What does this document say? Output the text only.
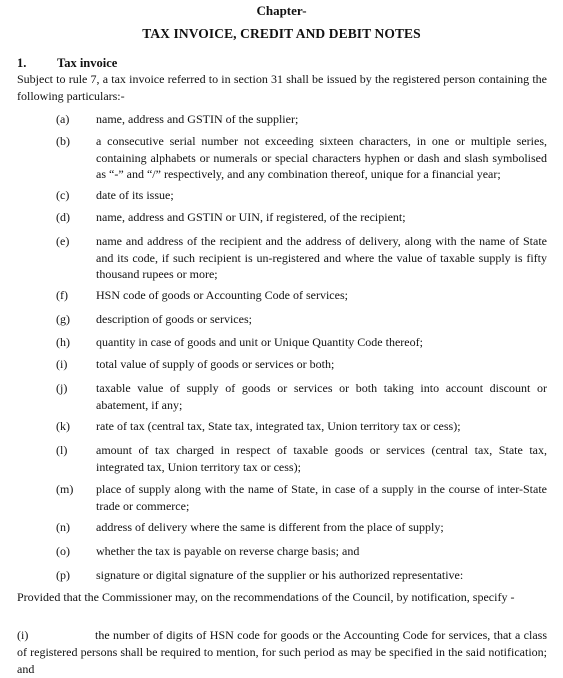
Chapter-
TAX INVOICE, CREDIT AND DEBIT NOTES
1. Tax invoice
Subject to rule 7, a tax invoice referred to in section 31 shall be issued by the registered person containing the following particulars:-
(a)	name, address and GSTIN of the supplier;
(b)	a consecutive serial number not exceeding sixteen characters, in one or multiple series, containing alphabets or numerals or special characters hyphen or dash and slash symbolised as “-” and “/” respectively, and any combination thereof, unique for a financial year;
(c)	date of its issue;
(d)	name, address and GSTIN or UIN, if registered, of the recipient;
(e)	name and address of the recipient and the address of delivery, along with the name of State and its code, if such recipient is un-registered and where the value of taxable supply is fifty thousand rupees or more;
(f)	HSN code of goods or Accounting Code of services;
(g)	description of goods or services;
(h)	quantity in case of goods and unit or Unique Quantity Code thereof;
(i)	total value of supply of goods or services or both;
(j)	taxable value of supply of goods or services or both taking into account discount or abatement, if any;
(k)	rate of tax (central tax, State tax, integrated tax, Union territory tax or cess);
(l)	amount of tax charged in respect of taxable goods or services (central tax, State tax, integrated tax, Union territory tax or cess);
(m)	place of supply along with the name of State, in case of a supply in the course of inter-State trade or commerce;
(n)	address of delivery where the same is different from the place of supply;
(o)	whether the tax is payable on reverse charge basis; and
(p)	signature or digital signature of the supplier or his authorized representative:
Provided that the Commissioner may, on the recommendations of the Council, by notification, specify -
(i)	the number of digits of HSN code for goods or the Accounting Code for services, that a class of registered persons shall be required to mention, for such period as may be specified in the said notification; and
